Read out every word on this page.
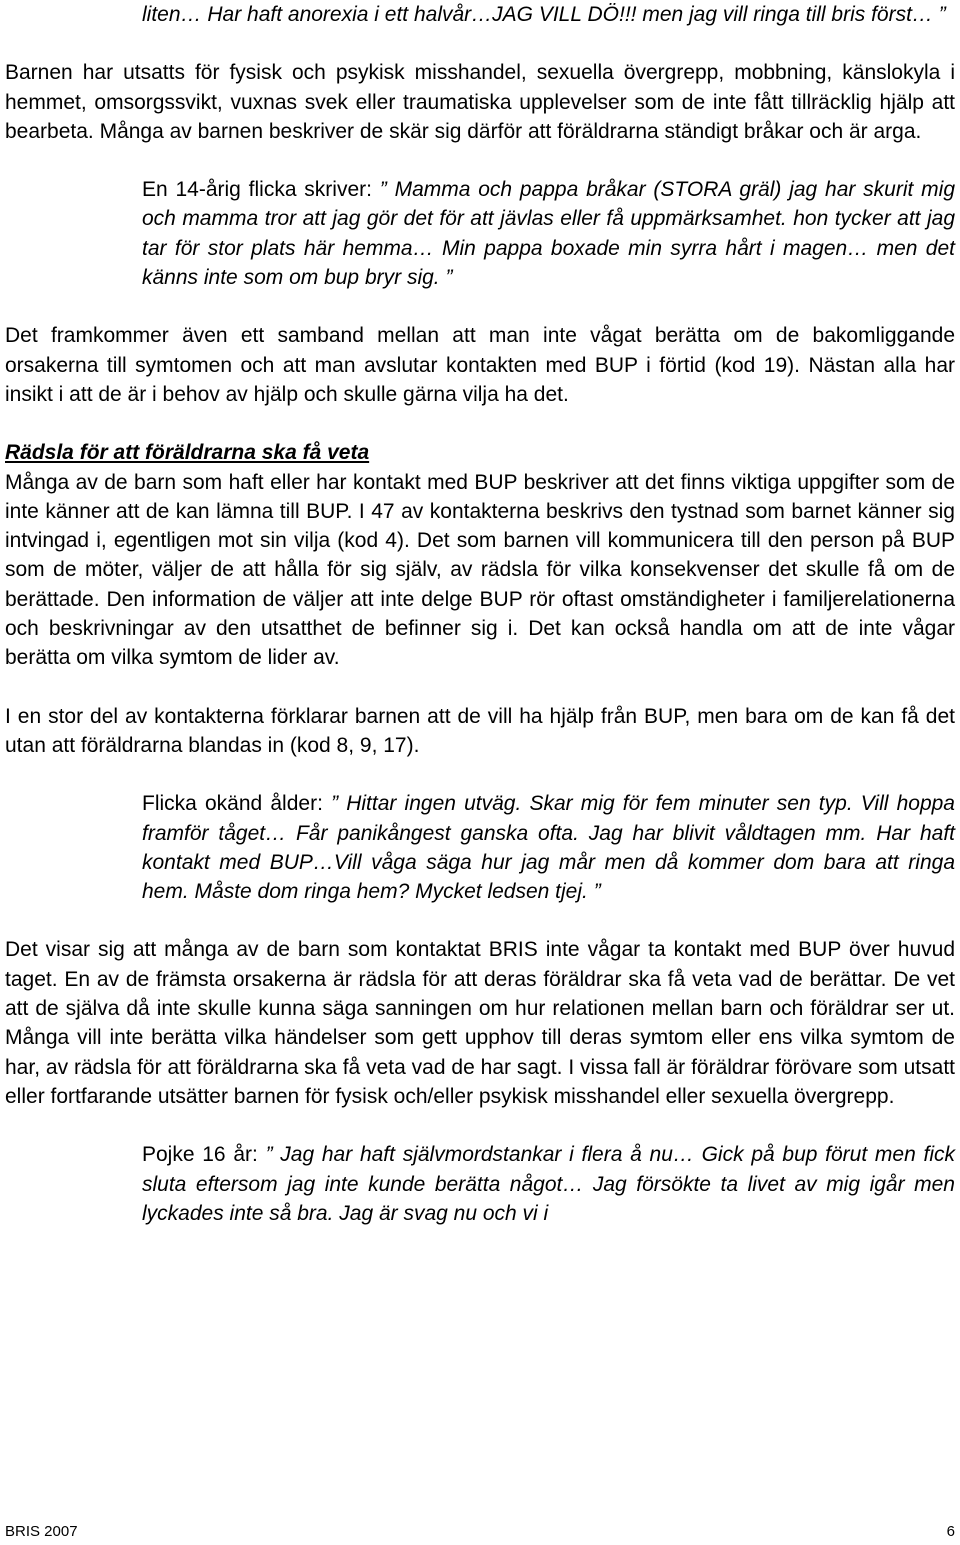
liten… Har haft anorexia i ett halvår…JAG VILL DÖ!!! men jag vill ringa till bris först… ”

Barnen har utsatts för fysisk och psykisk misshandel, sexuella övergrepp, mobbning, känslokyla i hemmet, omsorgssvikt, vuxnas svek eller traumatiska upplevelser som de inte fått tillräcklig hjälp att bearbeta. Många av barnen beskriver de skär sig därför att föräldrarna ständigt bråkar och är arga.

En 14-årig flicka skriver: ” Mamma och pappa bråkar (STORA gräl) jag har skurit mig och mamma tror att jag gör det för att jävlas eller få uppmärksamhet. hon tycker att jag tar för stor plats här hemma… Min pappa boxade min syrra hårt i magen… men det känns inte som om bup bryr sig. ”

Det framkommer även ett samband mellan att man inte vågat berätta om de bakomliggande orsakerna till symtomen och att man avslutar kontakten med BUP i förtid (kod 19). Nästan alla har insikt i att de är i behov av hjälp och skulle gärna vilja ha det.

Rädsla för att föräldrarna ska få veta

Många av de barn som haft eller har kontakt med BUP beskriver att det finns viktiga uppgifter som de inte känner att de kan lämna till BUP. I 47 av kontakterna beskrivs den tystnad som barnet känner sig intvingad i, egentligen mot sin vilja (kod 4). Det som barnen vill kommunicera till den person på BUP som de möter, väljer de att hålla för sig själv, av rädsla för vilka konsekvenser det skulle få om de berättade. Den information de väljer att inte delge BUP rör oftast omständigheter i familjerelationerna och beskrivningar av den utsatthet de befinner sig i. Det kan också handla om att de inte vågar berätta om vilka symtom de lider av.

I en stor del av kontakterna förklarar barnen att de vill ha hjälp från BUP, men bara om de kan få det utan att föräldrarna blandas in (kod 8, 9, 17).

Flicka okänd ålder: ” Hittar ingen utväg. Skar mig för fem minuter sen typ. Vill hoppa framför tåget… Får panikångest ganska ofta. Jag har blivit våldtagen mm. Har haft kontakt med BUP…Vill våga säga hur jag mår men då kommer dom bara att ringa hem. Måste dom ringa hem? Mycket ledsen tjej. ”

Det visar sig att många av de barn som kontaktat BRIS inte vågar ta kontakt med BUP över huvud taget. En av de främsta orsakerna är rädsla för att deras föräldrar ska få veta vad de berättar. De vet att de själva då inte skulle kunna säga sanningen om hur relationen mellan barn och föräldrar ser ut. Många vill inte berätta vilka händelser som gett upphov till deras symtom eller ens vilka symtom de har, av rädsla för att föräldrarna ska få veta vad de har sagt. I vissa fall är föräldrar förövare som utsatt eller fortfarande utsätter barnen för fysisk och/eller psykisk misshandel eller sexuella övergrepp.

Pojke 16 år: ” Jag har haft självmordstankar i flera å nu… Gick på bup förut men fick sluta eftersom jag inte kunde berätta något… Jag försökte ta livet av mig igår men lyckades inte så bra. Jag är svag nu och vi i

BRIS 2007	6
